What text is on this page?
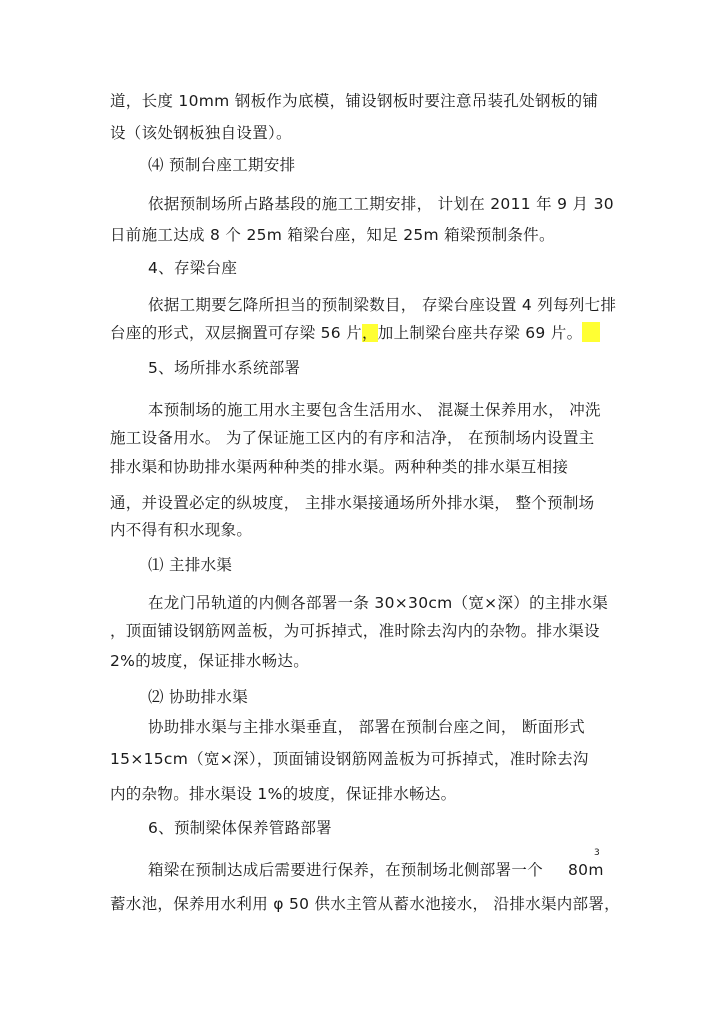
道，长度 10mm 钢板作为底模，铺设钢板时要注意吊装孔处钢板的铺
设（该处钢板独自设置）。
⑷ 预制台座工期安排
依据预制场所占路基段的施工工期安排， 计划在 2011 年 9 月 30
日前施工达成 8 个 25m 箱梁台座，知足 25m 箱梁预制条件。
4、存梁台座
依据工期要乞降所担当的预制梁数目， 存梁台座设置 4 列每列七排
台座的形式，双层搁置可存梁 56 片，加上制梁台座共存梁 69 片。
5、场所排水系统部署
本预制场的施工用水主要包含生活用水、 混凝土保养用水， 冲洗
施工设备用水。 为了保证施工区内的有序和洁净， 在预制场内设置主
排水渠和协助排水渠两种种类的排水渠。两种种类的排水渠互相接
通，并设置必定的纵坡度， 主排水渠接通场所外排水渠， 整个预制场
内不得有积水现象。
⑴ 主排水渠
在龙门吊轨道的内侧各部署一条 30×30cm（宽×深）的主排水渠
，顶面铺设钢筋网盖板，为可拆掉式，准时除去沟内的杂物。排水渠设
2%的坡度，保证排水畅达。
⑵ 协助排水渠
协助排水渠与主排水渠垂直， 部署在预制台座之间， 断面形式
15×15cm（宽×深），顶面铺设钢筋网盖板为可拆掉式，准时除去沟
内的杂物。排水渠设 1%的坡度，保证排水畅达。
6、预制梁体保养管路部署
箱梁在预制达成后需要进行保养，在预制场北侧部署一个 80m
3
蓄水池，保养用水利用 φ 50 供水主管从蓄水池接水， 沿排水渠内部署，
